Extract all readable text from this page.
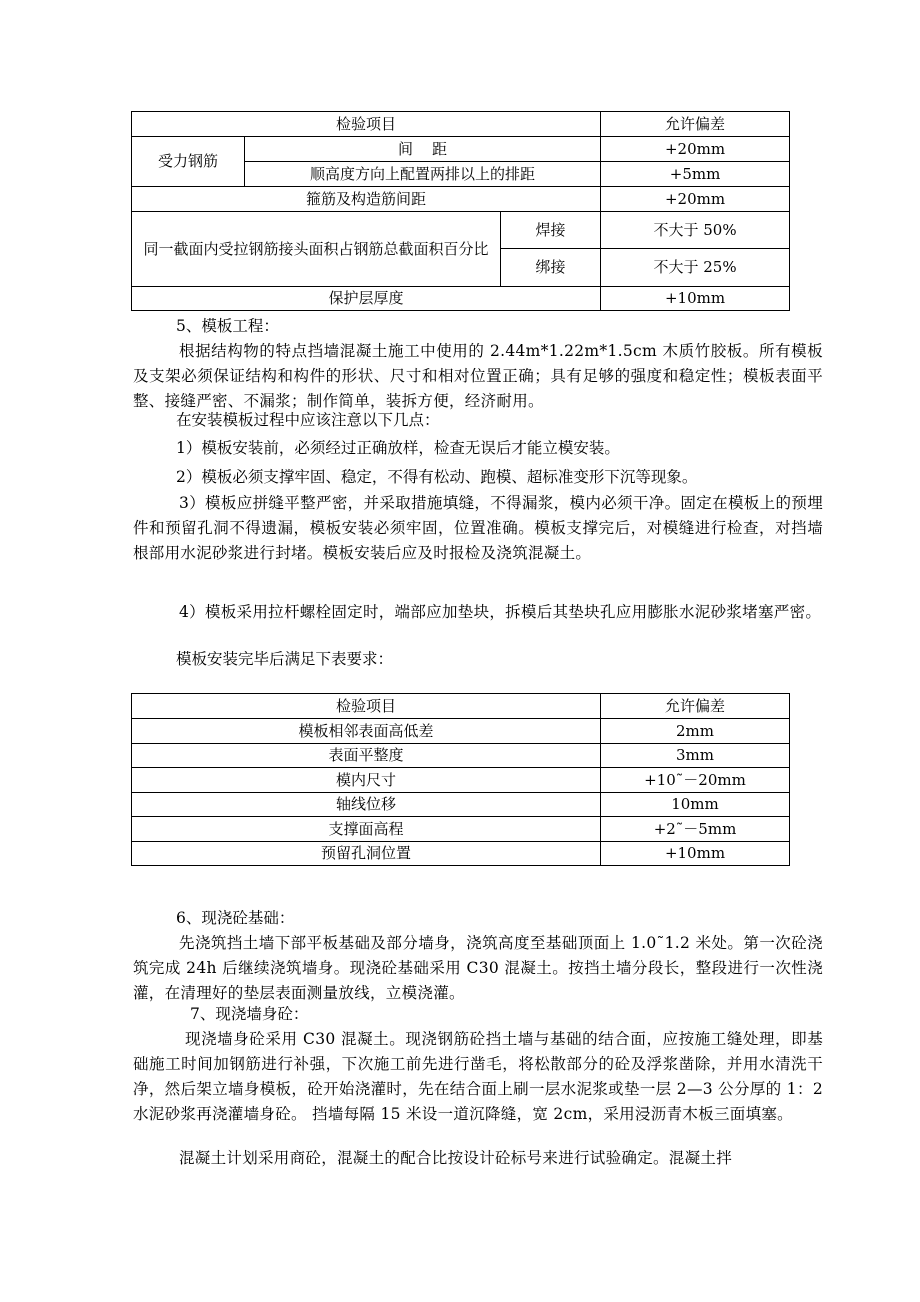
检验项目			允许偏差
受力钢筋	间    距		+20mm
	顺高度方向上配置两排以上的排距		+5mm
箍筋及构造筋间距			+20mm
同一截面内受拉钢筋接头面积占钢筋总截面积百分比		焊接	不大于 50%
		绑接	不大于 25%
保护层厚度			+10mm
5、模板工程：
根据结构物的特点挡墙混凝土施工中使用的 2.44m*1.22m*1.5cm 木质竹胶板。所有模板及支架必须保证结构和构件的形状、尺寸和相对位置正确；具有足够的强度和稳定性；模板表面平整、接缝严密、不漏浆；制作简单，装拆方便，经济耐用。
在安装模板过程中应该注意以下几点：
1）模板安装前，必须经过正确放样，检查无误后才能立模安装。
2）模板必须支撑牢固、稳定，不得有松动、跑模、超标准变形下沉等现象。
3）模板应拼缝平整严密，并采取措施填缝，不得漏浆，模内必须干净。固定在模板上的预埋件和预留孔洞不得遗漏，模板安装必须牢固，位置准确。模板支撑完后，对模缝进行检查，对挡墙根部用水泥砂浆进行封堵。模板安装后应及时报检及浇筑混凝土。
4）模板采用拉杆螺栓固定时，端部应加垫块，拆模后其垫块孔应用膨胀水泥砂浆堵塞严密。
模板安装完毕后满足下表要求：
检验项目	允许偏差
模板相邻表面高低差	2mm
表面平整度	3mm
模内尺寸	+10˜－20mm
轴线位移	10mm
支撑面高程	+2˜－5mm
预留孔洞位置	+10mm
6、现浇砼基础：
先浇筑挡土墙下部平板基础及部分墙身，浇筑高度至基础顶面上 1.0˜1.2 米处。第一次砼浇筑完成 24h 后继续浇筑墙身。现浇砼基础采用 C30 混凝土。按挡土墙分段长，整段进行一次性浇灌，在清理好的垫层表面测量放线，立模浇灌。
7、现浇墙身砼：
现浇墙身砼采用 C30 混凝土。现浇钢筋砼挡土墙与基础的结合面，应按施工缝处理，即基础施工时间加钢筋进行补强，下次施工前先进行凿毛，将松散部分的砼及浮浆凿除，并用水清洗干净，然后架立墙身模板，砼开始浇灌时，先在结合面上刷一层水泥浆或垫一层 2—3 公分厚的 1：2 水泥砂浆再浇灌墙身砼。 挡墙每隔 15 米设一道沉降缝，宽 2cm，采用浸沥青木板三面填塞。
混凝土计划采用商砼，混凝土的配合比按设计砼标号来进行试验确定。混凝土拌
